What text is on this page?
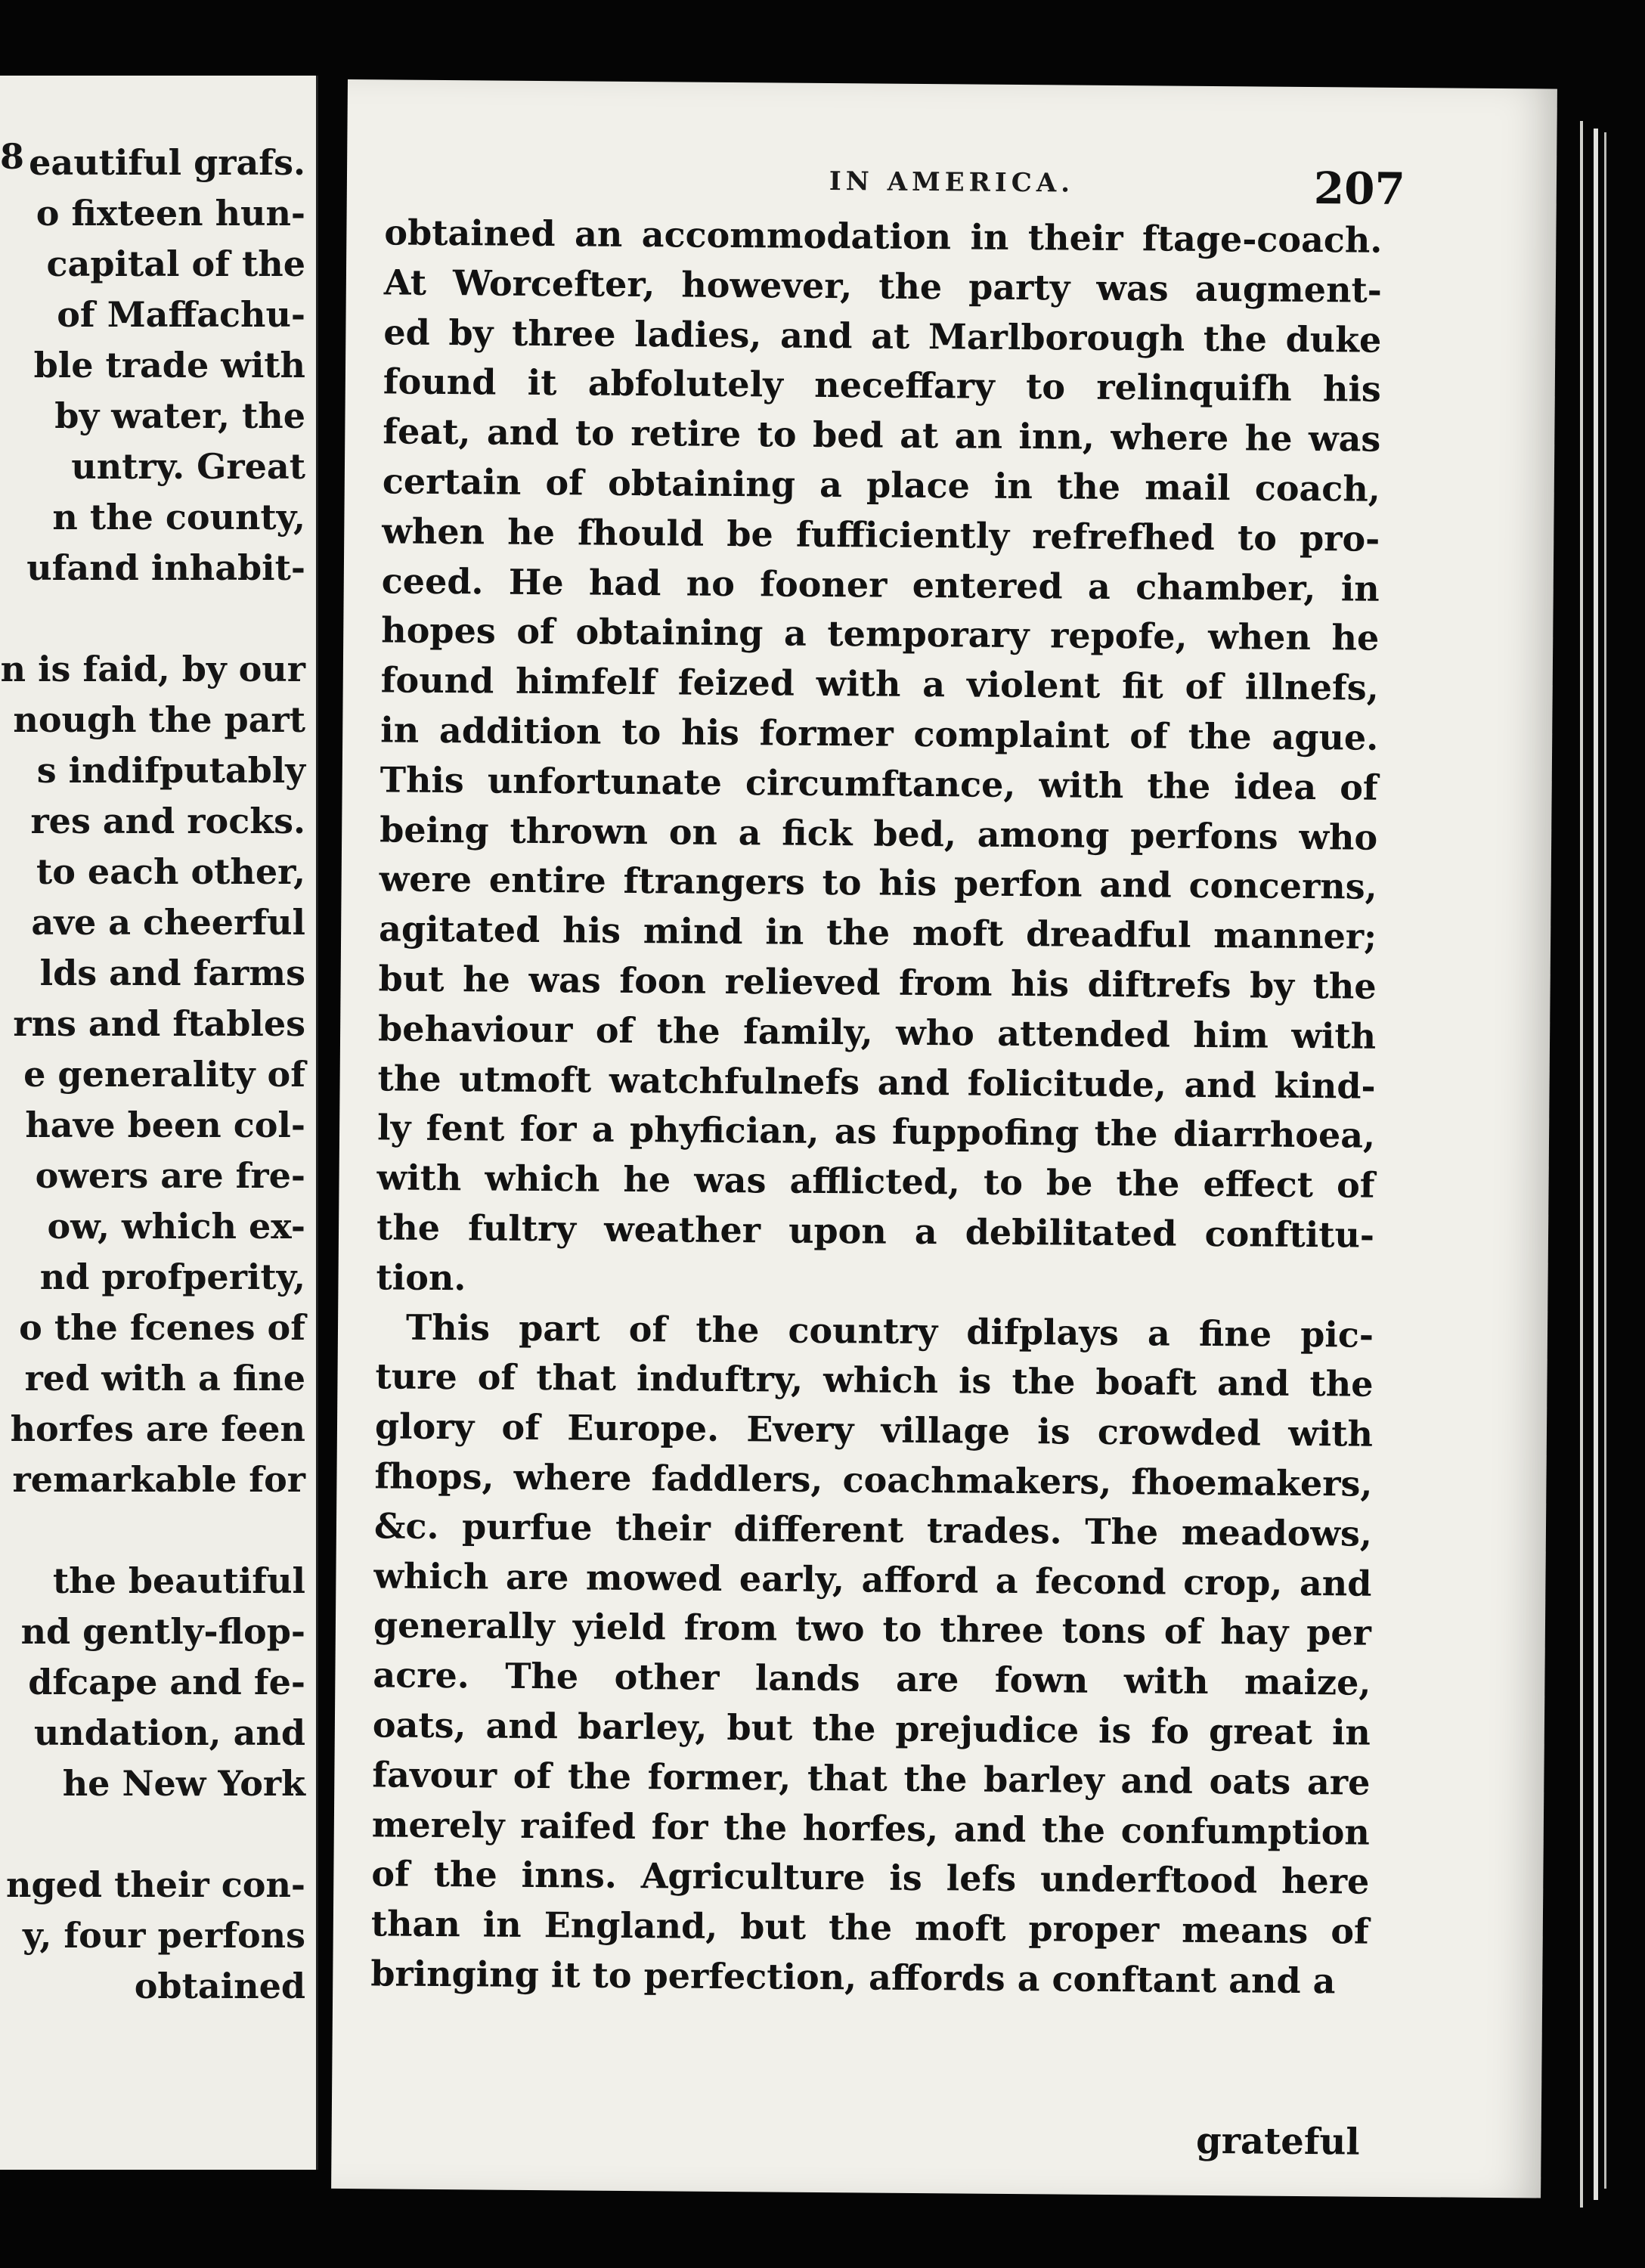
8 eautiful grafs.
o fixteen hun-
capital of the
of Maffachu-
ble trade with
by water, the
untry. Great
n the county,
ufand inhabit-
n is faid, by our
nough the part
s indifputably
res and rocks.
to each other,
ave a cheerful
lds and farms
rns and ftables
e generality of
have been col-
owers are fre-
ow, which ex-
nd profperity,
o the fcenes of
red with a fine
horfes are feen
remarkable for
the beautiful
nd gently-flop-
dfcape and fe-
undation, and
he New York
nged their con-
y, four perfons
obtained
IN AMERICA.	207
obtained an accommodation in their ftage-coach.
At Worcefter, however, the party was augment-
ed by three ladies, and at Marlborough the duke
found it abfolutely neceffary to relinquifh his
feat, and to retire to bed at an inn, where he was
certain of obtaining a place in the mail coach,
when he fhould be fufficiently refrefhed to pro-
ceed. He had no fooner entered a chamber, in
hopes of obtaining a temporary repofe, when he
found himfelf feized with a violent fit of illnefs,
in addition to his former complaint of the ague.
This unfortunate circumftance, with the idea of
being thrown on a fick bed, among perfons who
were entire ftrangers to his perfon and concerns,
agitated his mind in the moft dreadful manner;
but he was foon relieved from his diftrefs by the
behaviour of the family, who attended him with
the utmoft watchfulnefs and folicitude, and kind-
ly fent for a phyfician, as fuppofing the diarrhoea,
with which he was afflicted, to be the effect of
the fultry weather upon a debilitated conftitu-
tion.
This part of the country difplays a fine pic-
ture of that induftry, which is the boaft and the
glory of Europe. Every village is crowded with
fhops, where faddlers, coachmakers, fhoemakers,
&c. purfue their different trades. The meadows,
which are mowed early, afford a fecond crop, and
generally yield from two to three tons of hay per
acre. The other lands are fown with maize,
oats, and barley, but the prejudice is fo great in
favour of the former, that the barley and oats are
merely raifed for the horfes, and the confumption
of the inns. Agriculture is lefs underftood here
than in England, but the moft proper means of
bringing it to perfection, affords a conftant and a
grateful
